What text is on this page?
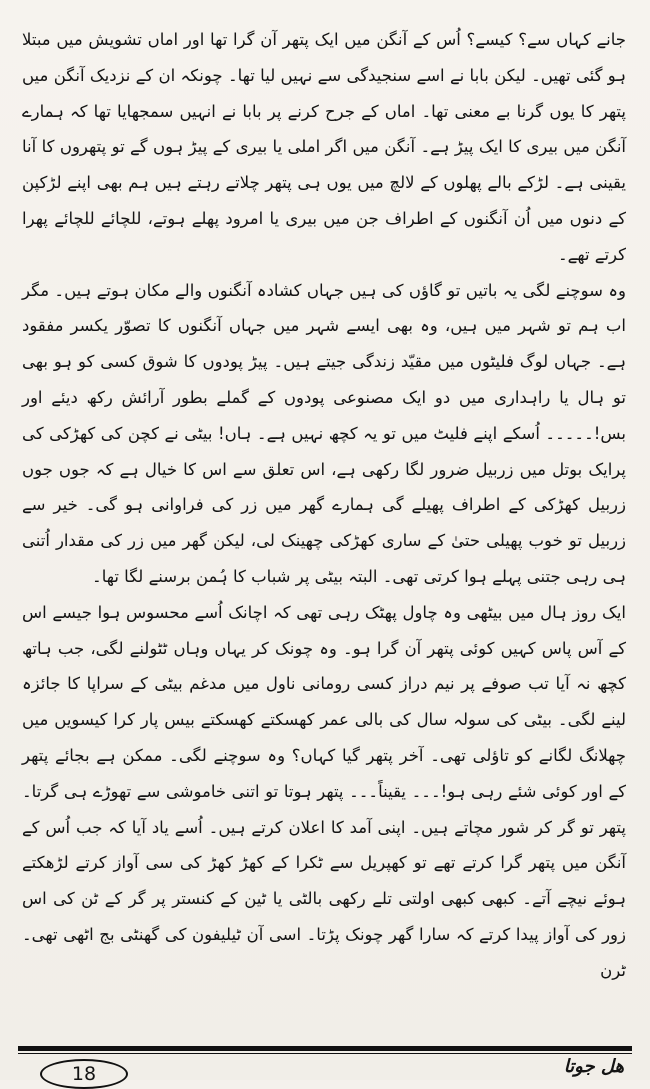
جانے کہاں سے؟ کیسے؟ اُس کے آنگن میں ایک پتھر آن گرا تھا اور اماں تشویش میں مبتلا ہو گئی تھیں۔ لیکن بابا نے اسے سنجیدگی سے نہیں لیا تھا۔ چونکہ ان کے نزدیک آنگن میں پتھر کا یوں گرنا بے معنی تھا۔ اماں کے جرح کرنے پر بابا نے انہیں سمجھایا تھا کہ ہمارے آنگن میں بیری کا ایک پیڑ ہے۔ آنگن میں اگر املی یا بیری کے پیڑ ہوں گے تو پتھروں کا آنا یقینی ہے۔ لڑکے بالے پھلوں کے لالچ میں یوں ہی پتھر چلاتے رہتے ہیں ہم بھی اپنے لڑکپن کے دنوں میں اُن آنگنوں کے اطراف جن میں بیری یا امرود پھلے ہوتے، للچائے للچائے پھرا کرتے تھے۔

وہ سوچنے لگی یہ باتیں تو گاؤں کی ہیں جہاں کشادہ آنگنوں والے مکان ہوتے ہیں۔ مگر اب ہم تو شہر میں ہیں، وہ بھی ایسے شہر میں جہاں آنگنوں کا تصوّر یکسر مفقود ہے۔ جہاں لوگ فلیٹوں میں مقیّد زندگی جیتے ہیں۔ پیڑ پودوں کا شوق کسی کو ہو بھی تو ہال یا راہداری میں دو ایک مصنوعی پودوں کے گملے بطور آرائش رکھ دیئے اور بس!۔۔۔۔۔ اُسکے اپنے فلیٹ میں تو یہ کچھ نہیں ہے۔ ہاں! بیٹی نے کچن کی کھڑکی کی پرایک بوتل میں زربیل ضرور لگا رکھی ہے، اس تعلق سے اس کا خیال ہے کہ جوں جوں زربیل کھڑکی کے اطراف پھیلے گی ہمارے گھر میں زر کی فراوانی ہو گی۔ خیر سے زربیل تو خوب پھیلی حتیٰ کے ساری کھڑکی چھینک لی، لیکن گھر میں زر کی مقدار اُتنی ہی رہی جتنی پہلے ہوا کرتی تھی۔ البتہ بیٹی پر شباب کا ہُمن برسنے لگا تھا۔

ایک روز ہال میں بیٹھی وہ چاول پھٹک رہی تھی کہ اچانک اُسے محسوس ہوا جیسے اس کے آس پاس کہیں کوئی پتھر آن گرا ہو۔ وہ چونک کر یہاں وہاں ٹٹولنے لگی، جب ہاتھ کچھ نہ آیا تب صوفے پر نیم دراز کسی رومانی ناول میں مدغم بیٹی کے سراپا کا جائزہ لینے لگی۔ بیٹی کی سولہ سال کی بالی عمر کھسکتے کھسکتے بیس پار کرا کیسویں میں چھلانگ لگانے کو تاؤلی تھی۔ آخر پتھر گیا کہاں؟ وہ سوچنے لگی۔ ممکن ہے بجائے پتھر کے اور کوئی شئے رہی ہو!۔۔۔ یقیناً۔۔۔ پتھر ہوتا تو اتنی خاموشی سے تھوڑے ہی گرتا۔ پتھر تو گر کر شور مچاتے ہیں۔ اپنی آمد کا اعلان کرتے ہیں۔ اُسے یاد آیا کہ جب اُس کے آنگن میں پتھر گرا کرتے تھے تو کھپریل سے ٹکرا کے کھڑ کھڑ کی سی آواز کرتے لڑھکتے ہوئے نیچے آتے۔ کبھی کبھی اولتی تلے رکھی بالٹی یا ٹین کے کنستر پر گر کے ٹن کی اس زور کی آواز پیدا کرتے کہ سارا گھر چونک پڑتا۔ اسی آن ٹیلیفون کی گھنٹی بج اٹھی تھی۔ ٹرن

18	هل جوتا
